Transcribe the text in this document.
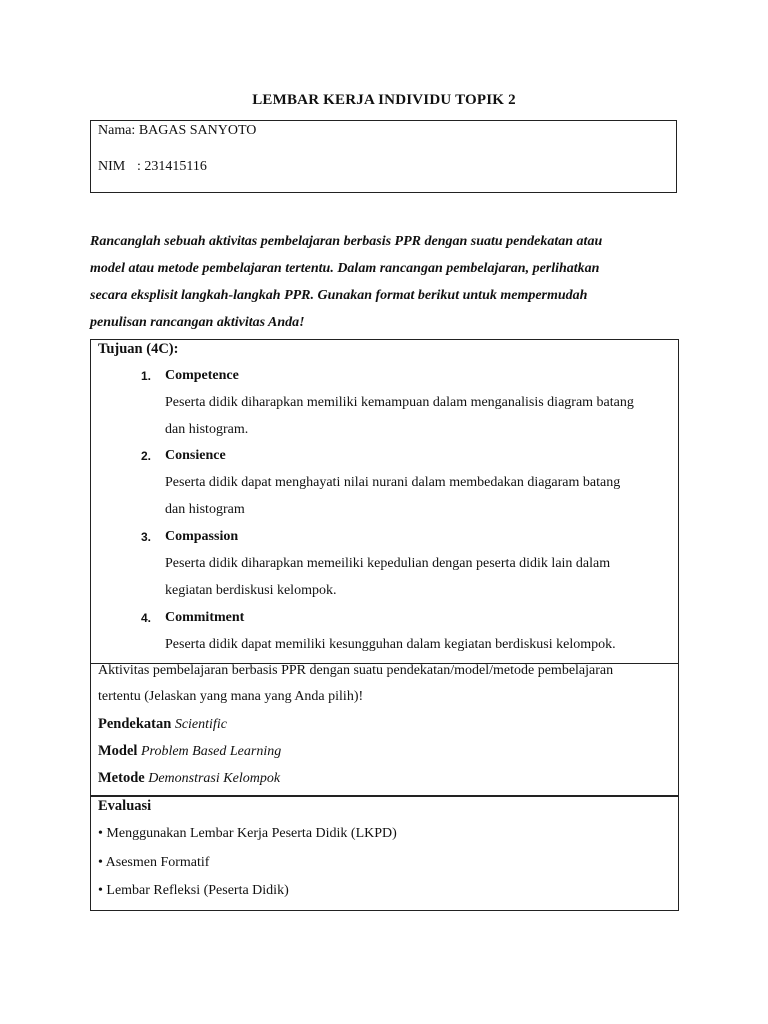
LEMBAR KERJA INDIVIDU TOPIK 2
Nama: BAGAS SANYOTO
NIM : 231415116

Rancanglah sebuah aktivitas pembelajaran berbasis PPR dengan suatu pendekatan atau

model atau metode pembelajaran tertentu. Dalam rancangan pembelajaran, perlihatkan

secara eksplisit langkah-langkah PPR. Gunakan format berikut untuk mempermudah

penulisan rancangan aktivitas Anda!

Tujuan (4C):
1. Competence
Peserta didik diharapkan memiliki kemampuan dalam menganalisis diagram batang
dan histogram.
2. Consience
Peserta didik dapat menghayati nilai nurani dalam membedakan diagaram batang
dan histogram
3. Compassion
Peserta didik diharapkan memeiliki kepedulian dengan peserta didik lain dalam
kegiatan berdiskusi kelompok.
4. Commitment
Peserta didik dapat memiliki kesungguhan dalam kegiatan berdiskusi kelompok.
Aktivitas pembelajaran berbasis PPR dengan suatu pendekatan/model/metode pembelajaran
tertentu (Jelaskan yang mana yang Anda pilih)!
Pendekatan Scientific
Model Problem Based Learning
Metode Demonstrasi Kelompok
Evaluasi
• Menggunakan Lembar Kerja Peserta Didik (LKPD)
• Asesmen Formatif
• Lembar Refleksi (Peserta Didik)
